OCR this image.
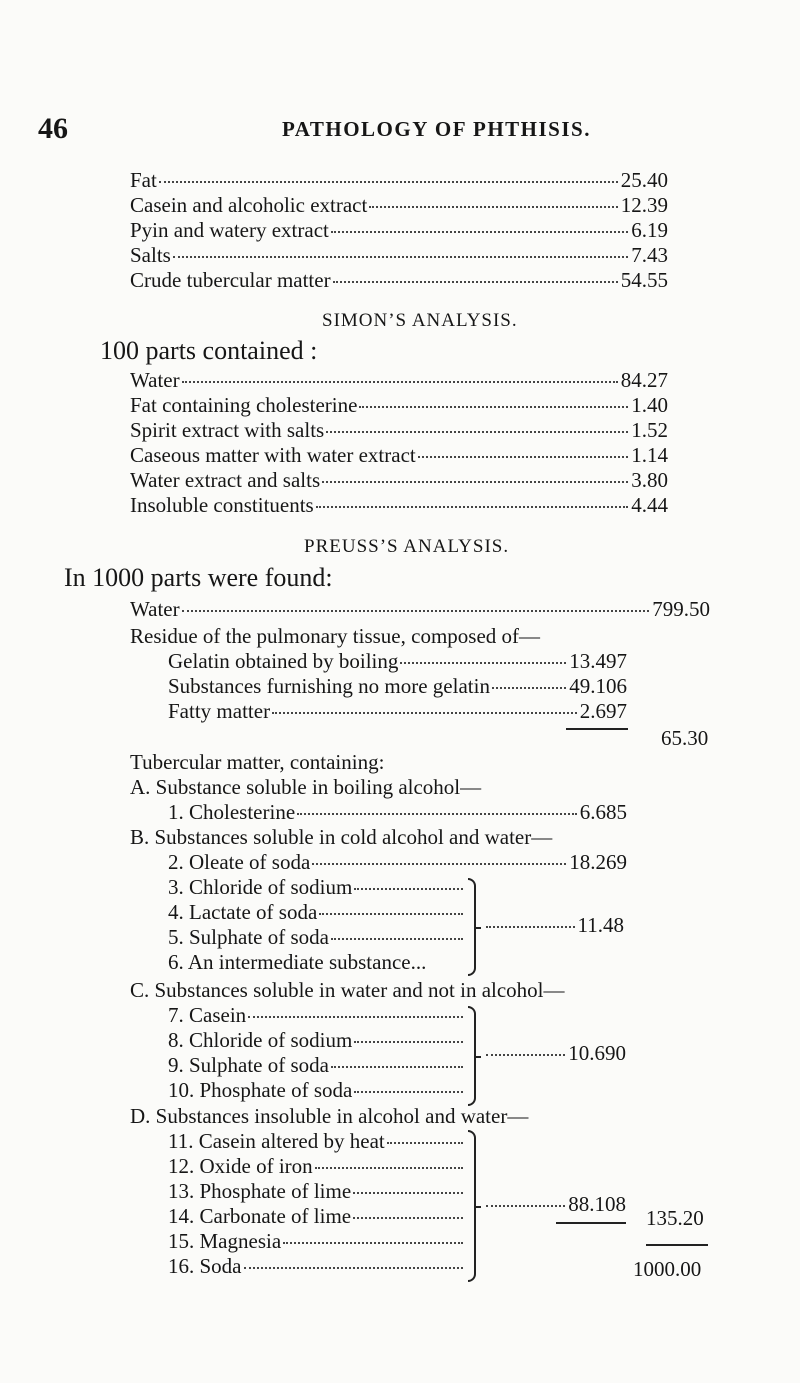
46	PATHOLOGY OF PHTHISIS.
Fat	25.40
Casein and alcoholic extract	12.39
Pyin and watery extract	6.19
Salts	7.43
Crude tubercular matter	54.55
SIMON’S ANALYSIS.
100 parts contained :
Water	84.27
Fat containing cholesterine	1.40
Spirit extract with salts	1.52
Caseous matter with water extract	1.14
Water extract and salts	3.80
Insoluble constituents	4.44
PREUSS’S ANALYSIS.
In 1000 parts were found:
Water	799.50
Residue of the pulmonary tissue, composed of—
Gelatin obtained by boiling	13.497
Substances furnishing no more gelatin	49.106
Fatty matter	2.697
65.30
Tubercular matter, containing:
A. Substance soluble in boiling alcohol—
1. Cholesterine	6.685
B. Substances soluble in cold alcohol and water—
2. Oleate of soda	18.269
3. Chloride of sodium
4. Lactate of soda
5. Sulphate of soda
6. An intermediate substance...
11.48
C. Substances soluble in water and not in alcohol—
7. Casein
8. Chloride of sodium
9. Sulphate of soda
10. Phosphate of soda
10.690
D. Substances insoluble in alcohol and water—
11. Casein altered by heat
12. Oxide of iron
13. Phosphate of lime
14. Carbonate of lime
15. Magnesia
16. Soda
88.108
135.20
1000.00
